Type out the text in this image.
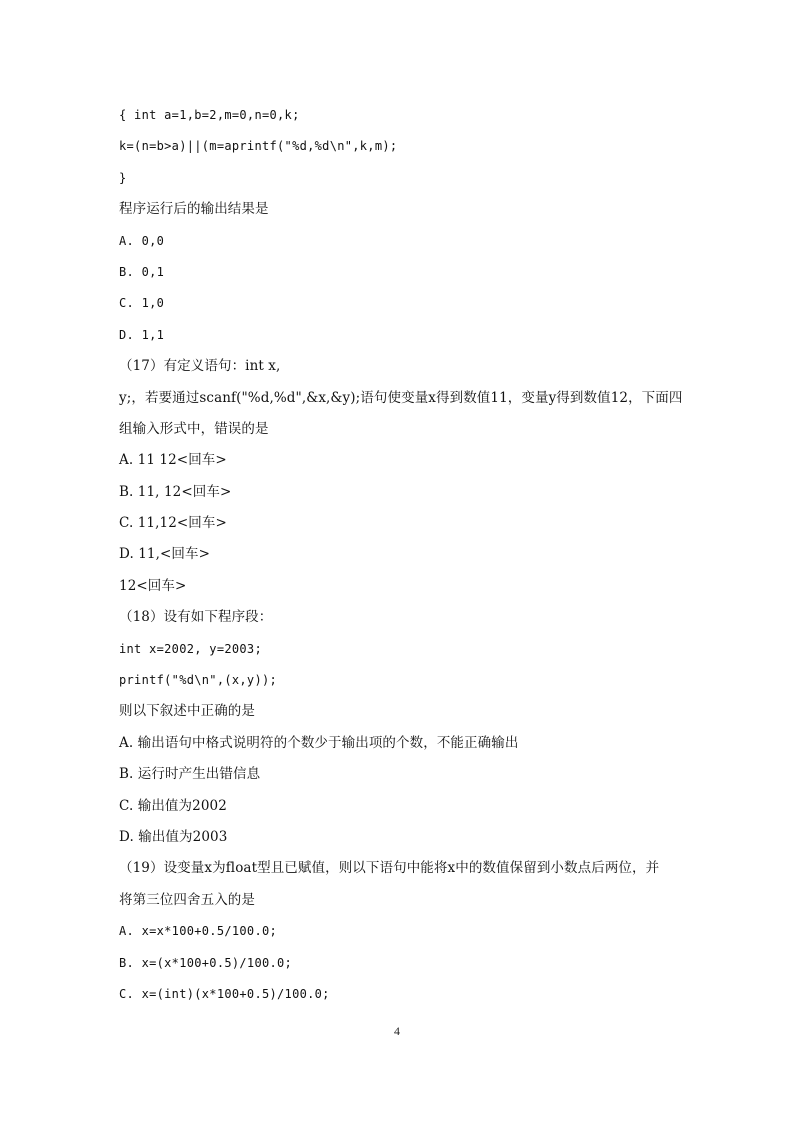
{ int a=1,b=2,m=0,n=0,k;
k=(n=b>a)||(m=aprintf("%d,%d\n",k,m);
}
程序运行后的输出结果是
A. 0,0
B. 0,1
C. 1,0
D. 1,1
（17）有定义语句：int x,
y;，若要通过scanf("%d,%d",&x,&y);语句使变量x得到数值11，变量y得到数值12，下面四
组输入形式中，错误的是
A. 11 12<回车>
B. 11, 12<回车>
C. 11,12<回车>
D. 11,<回车>
12<回车>
（18）设有如下程序段：
int x=2002, y=2003;
printf("%d\n",(x,y));
则以下叙述中正确的是
A. 输出语句中格式说明符的个数少于输出项的个数，不能正确输出
B. 运行时产生出错信息
C. 输出值为2002
D. 输出值为2003
（19）设变量x为float型且已赋值，则以下语句中能将x中的数值保留到小数点后两位，并
将第三位四舍五入的是
A. x=x*100+0.5/100.0;
B. x=(x*100+0.5)/100.0;
C. x=(int)(x*100+0.5)/100.0;
4
